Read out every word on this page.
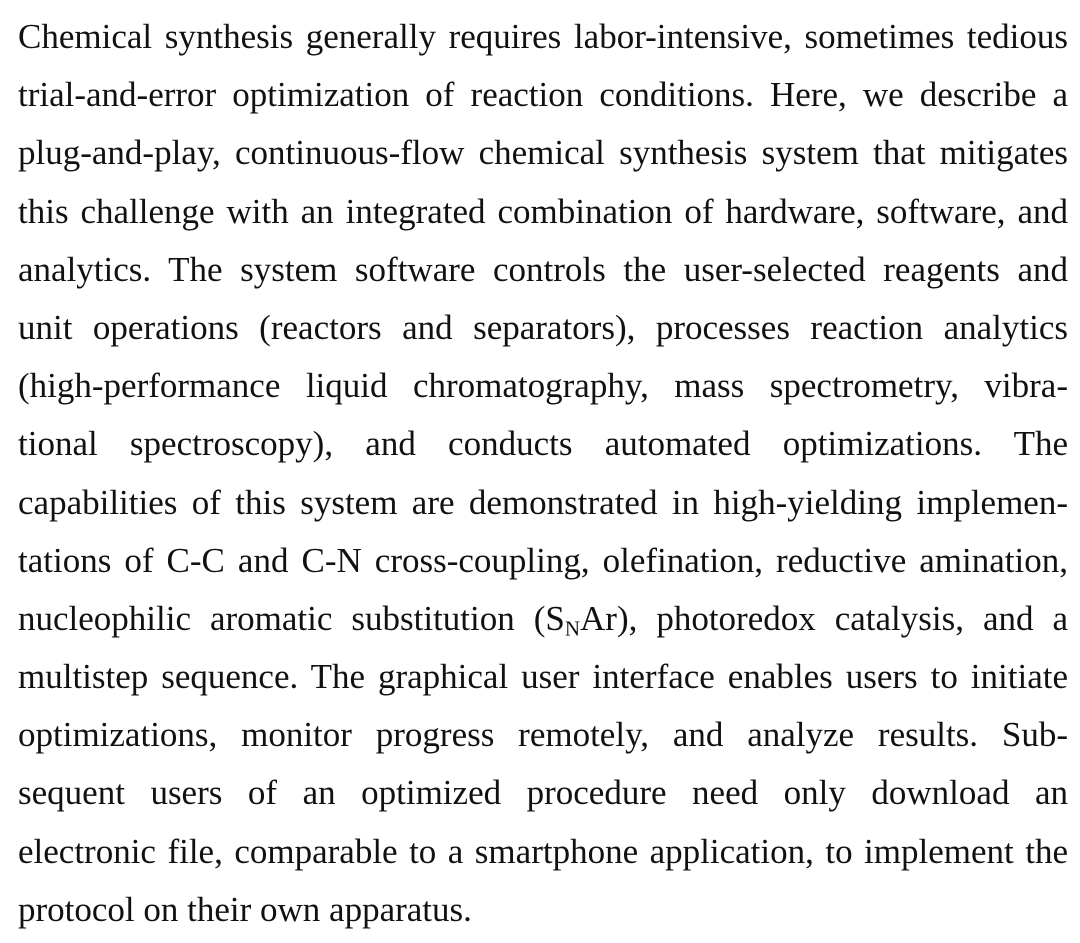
Chemical synthesis generally requires labor-intensive, sometimes tedious
trial-and-error optimization of reaction conditions. Here, we describe a
plug-and-play, continuous-flow chemical synthesis system that mitigates
this challenge with an integrated combination of hardware, software, and
analytics. The system software controls the user-selected reagents and
unit operations (reactors and separators), processes reaction analytics
(high-performance liquid chromatography, mass spectrometry, vibra-
tional spectroscopy), and conducts automated optimizations. The
capabilities of this system are demonstrated in high-yielding implemen-
tations of C-C and C-N cross-coupling, olefination, reductive amination,
nucleophilic aromatic substitution $(S_NAr)$, photoredox catalysis, and a
multistep sequence. The graphical user interface enables users to initiate
optimizations, monitor progress remotely, and analyze results. Sub-
sequent users of an optimized procedure need only download an
electronic file, comparable to a smartphone application, to implement the
protocol on their own apparatus.
